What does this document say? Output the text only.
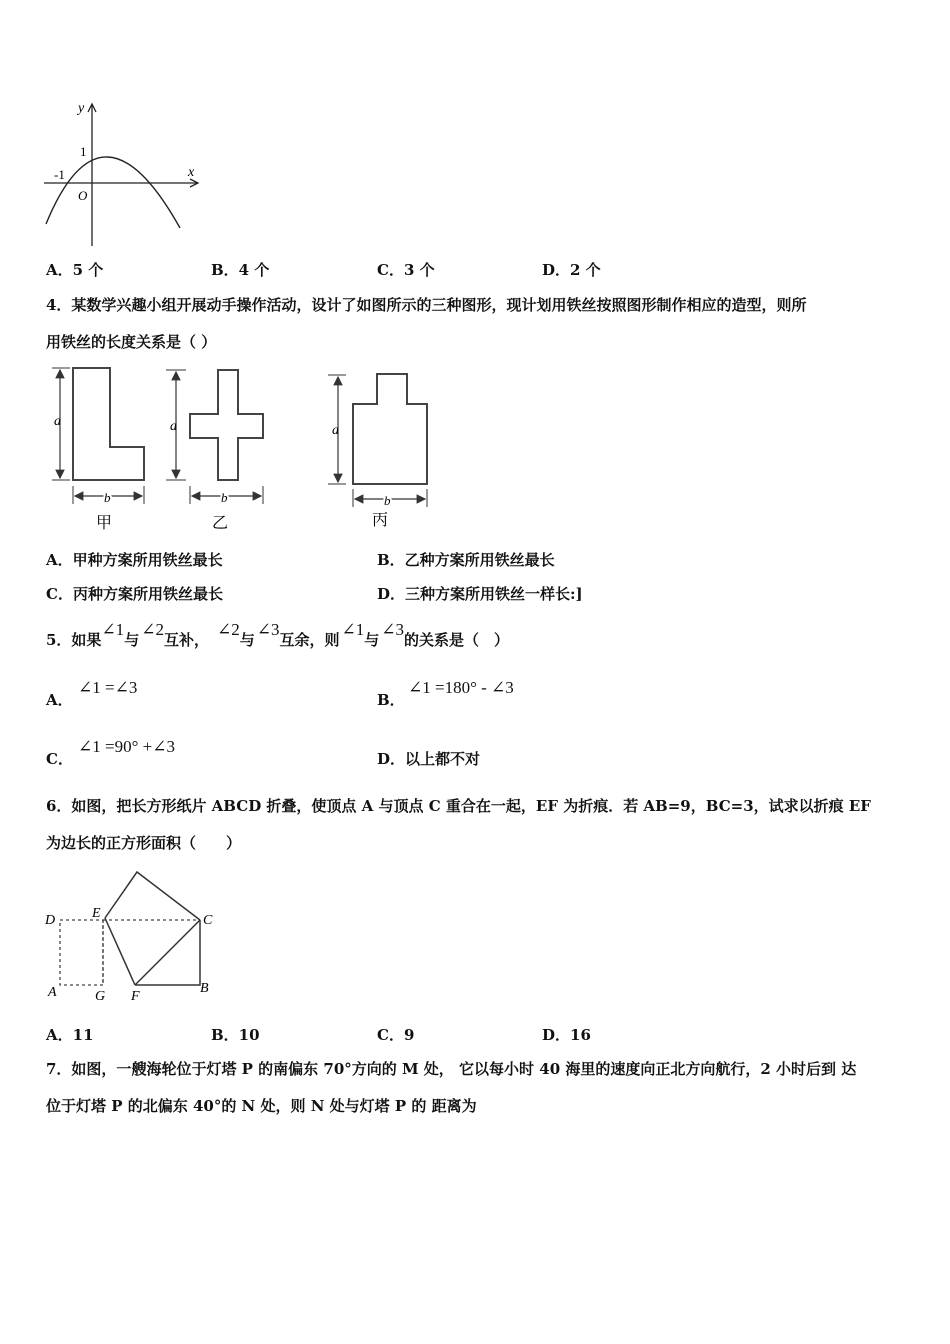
y
x
1
-1
O
A．5 个	B．4 个	C．3 个	D．2 个
4．某数学兴趣小组开展动手操作活动，设计了如图所示的三种图形，现计划用铁丝按照图形制作相应的造型，则所
用铁丝的长度关系是（ ）
a
b
甲
a
b
乙
a
b
丙
A．甲种方案所用铁丝最长	B．乙种方案所用铁丝最长
C．丙种方案所用铁丝最长	D．三种方案所用铁丝一样长:]
5．如果∠1与∠2互补，∠2与∠3互余，则∠1与∠3的关系是（　）
A．
∠1 =∠3
B．
∠1 =180° - ∠3
C．
∠1 =90° +∠3
D．以上都不对
6．如图，把长方形纸片 ABCD 折叠，使顶点 A 与顶点 C 重合在一起，EF 为折痕．若 AB=9，BC=3，试求以折痕 EF
为边长的正方形面积（　　）
D	E	C
A	G F
B
A．11	B．10	C．9	D．16
7．如图，一艘海轮位于灯塔 P 的南偏东 70°方向的 M 处， 它以每小时 40 海里的速度向正北方向航行，2 小时后到 达
位于灯塔 P 的北偏东 40°的 N 处，则 N 处与灯塔 P 的 距离为
